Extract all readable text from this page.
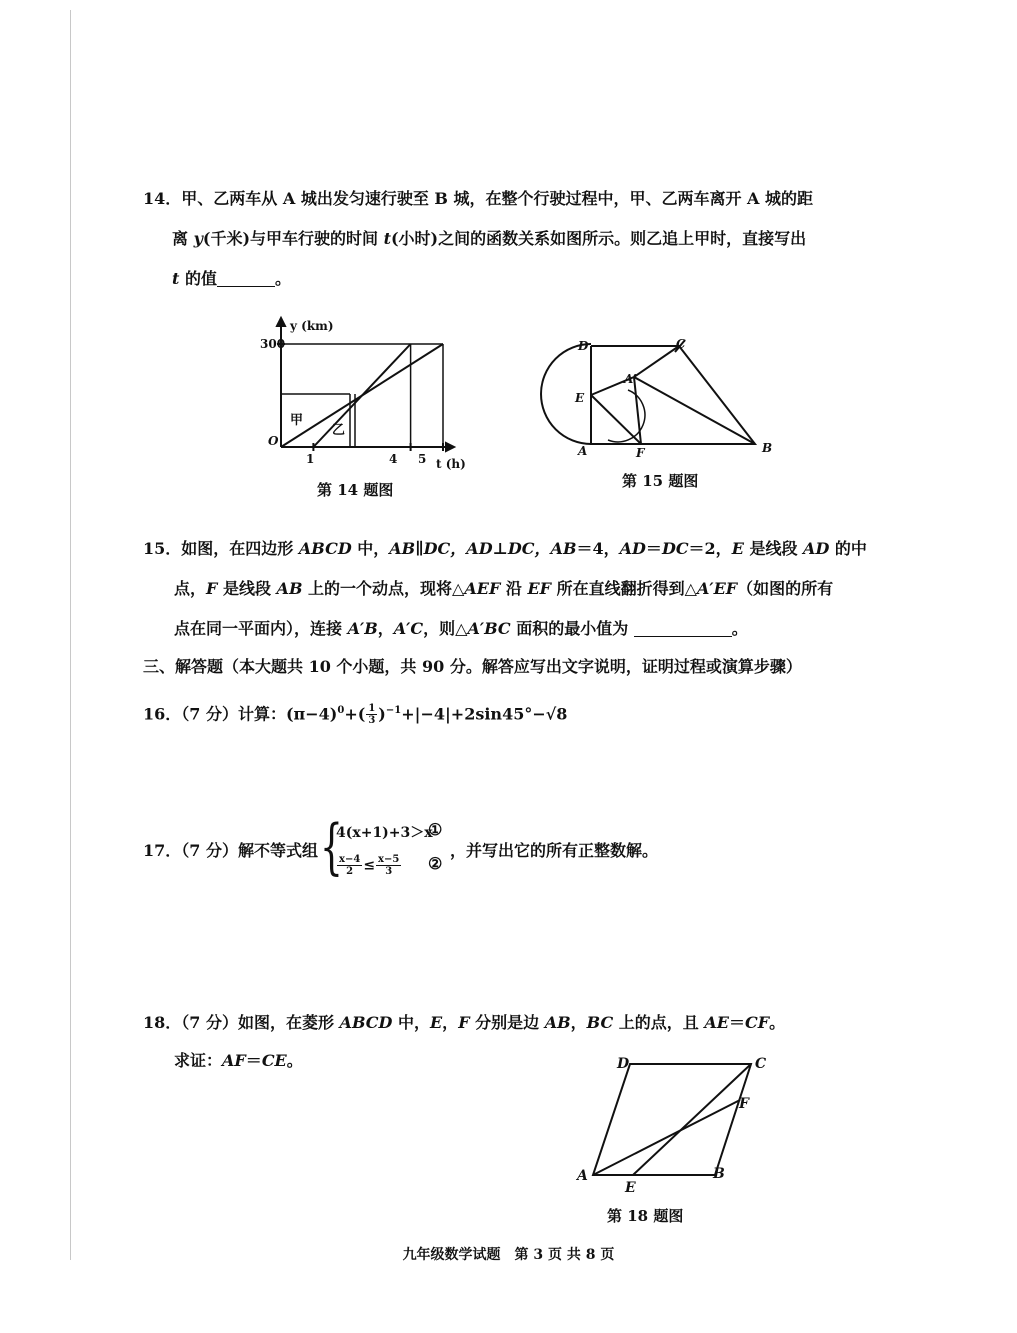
14．甲、乙两车从 A 城出发匀速行驶至 B 城，在整个行驶过程中，甲、乙两车离开 A 城的距
离 y(千米)与甲车行驶的时间 t(小时)之间的函数关系如图所示。则乙追上甲时，直接写出
t 的值	。
300
y (km)
O
1	4 5 t (h)
甲
乙
第 14 题图
D	C
E
A′
A	F	B
第 15 题图
15．如图，在四边形 ABCD 中，AB∥DC，AD⊥DC，AB＝4，AD＝DC＝2，E 是线段 AD 的中
点，F 是线段 AB 上的一个动点，现将△AEF 沿 EF 所在直线翻折得到△A′EF（如图的所有
点在同一平面内），连接 A′B，A′C，则△A′BC 面积的最小值为	。
三、解答题（本大题共 10 个小题，共 90 分。解答应写出文字说明，证明过程或演算步骤）
16．（7 分）计算：$(\pi-4)^0+( \frac{1}{3} )^{-1}+|-4|+2\sin 45^\circ-√8$
17．（7 分）解不等式组 {
4(x+1)+3＞x
$\frac{x-4}{2} \le \frac{x-5}{3}$
①
②
，并写出它的所有正整数解。
18．（7 分）如图，在菱形 ABCD 中，E，F 分别是边 AB，BC 上的点，且 AE＝CF。
求证：AF＝CE。	D	C
F
A	B
E
第 18 题图
九年级数学试题　第 3 页 共 8 页
